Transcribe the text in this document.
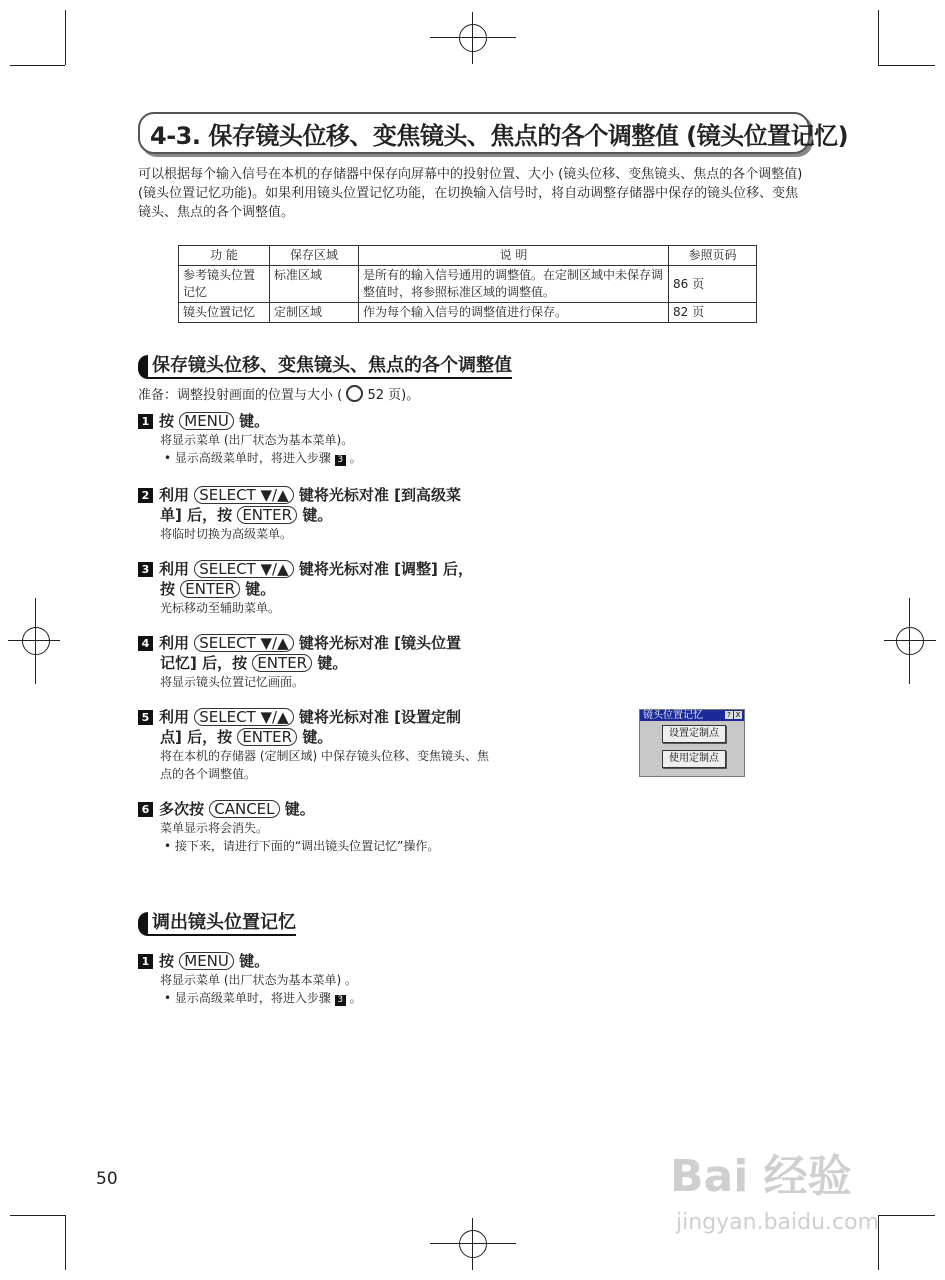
4-3. 保存镜头位移、变焦镜头、焦点的各个调整值 (镜头位置记忆)
可以根据每个输入信号在本机的存储器中保存向屏幕中的投射位置、大小 (镜头位移、变焦镜头、焦点的各个调整值) (镜头位置记忆功能)。如果利用镜头位置记忆功能，在切换输入信号时，将自动调整存储器中保存的镜头位移、变焦镜头、焦点的各个调整值。
功 能	保存区域	说 明	参照页码
参考镜头位置记忆	标准区域	是所有的输入信号通用的调整值。在定制区域中未保存调整值时，将参照标准区域的调整值。	86 页
镜头位置记忆	定制区域	作为每个输入信号的调整值进行保存。	82 页
保存镜头位移、变焦镜头、焦点的各个调整值
准备：调整投射画面的位置与大小 ( 52 页)。
1 按 MENU 键。
将显示菜单 (出厂状态为基本菜单)。
• 显示高级菜单时，将进入步骤 3 。
2 利用 SELECT ▼/▲ 键将光标对准 [到高级菜
单] 后，按 ENTER 键。
将临时切换为高级菜单。
3 利用 SELECT ▼/▲ 键将光标对准 [调整] 后，
按 ENTER 键。
光标移动至辅助菜单。
4 利用 SELECT ▼/▲ 键将光标对准 [镜头位置
记忆] 后，按 ENTER 键。
将显示镜头位置记忆画面。
5 利用 SELECT ▼/▲ 键将光标对准 [设置定制
点] 后，按 ENTER 键。
将在本机的存储器 (定制区域) 中保存镜头位移、变焦镜头、焦
点的各个调整值。
镜头位置记忆	? X
设置定制点
使用定制点
6 多次按 CANCEL 键。
菜单显示将会消失。
• 接下来，请进行下面的“调出镜头位置记忆”操作。
调出镜头位置记忆
1 按 MENU 键。
将显示菜单 (出厂状态为基本菜单) 。
• 显示高级菜单时，将进入步骤 3 。
50	Bai 经验
jingyan.baidu.com
